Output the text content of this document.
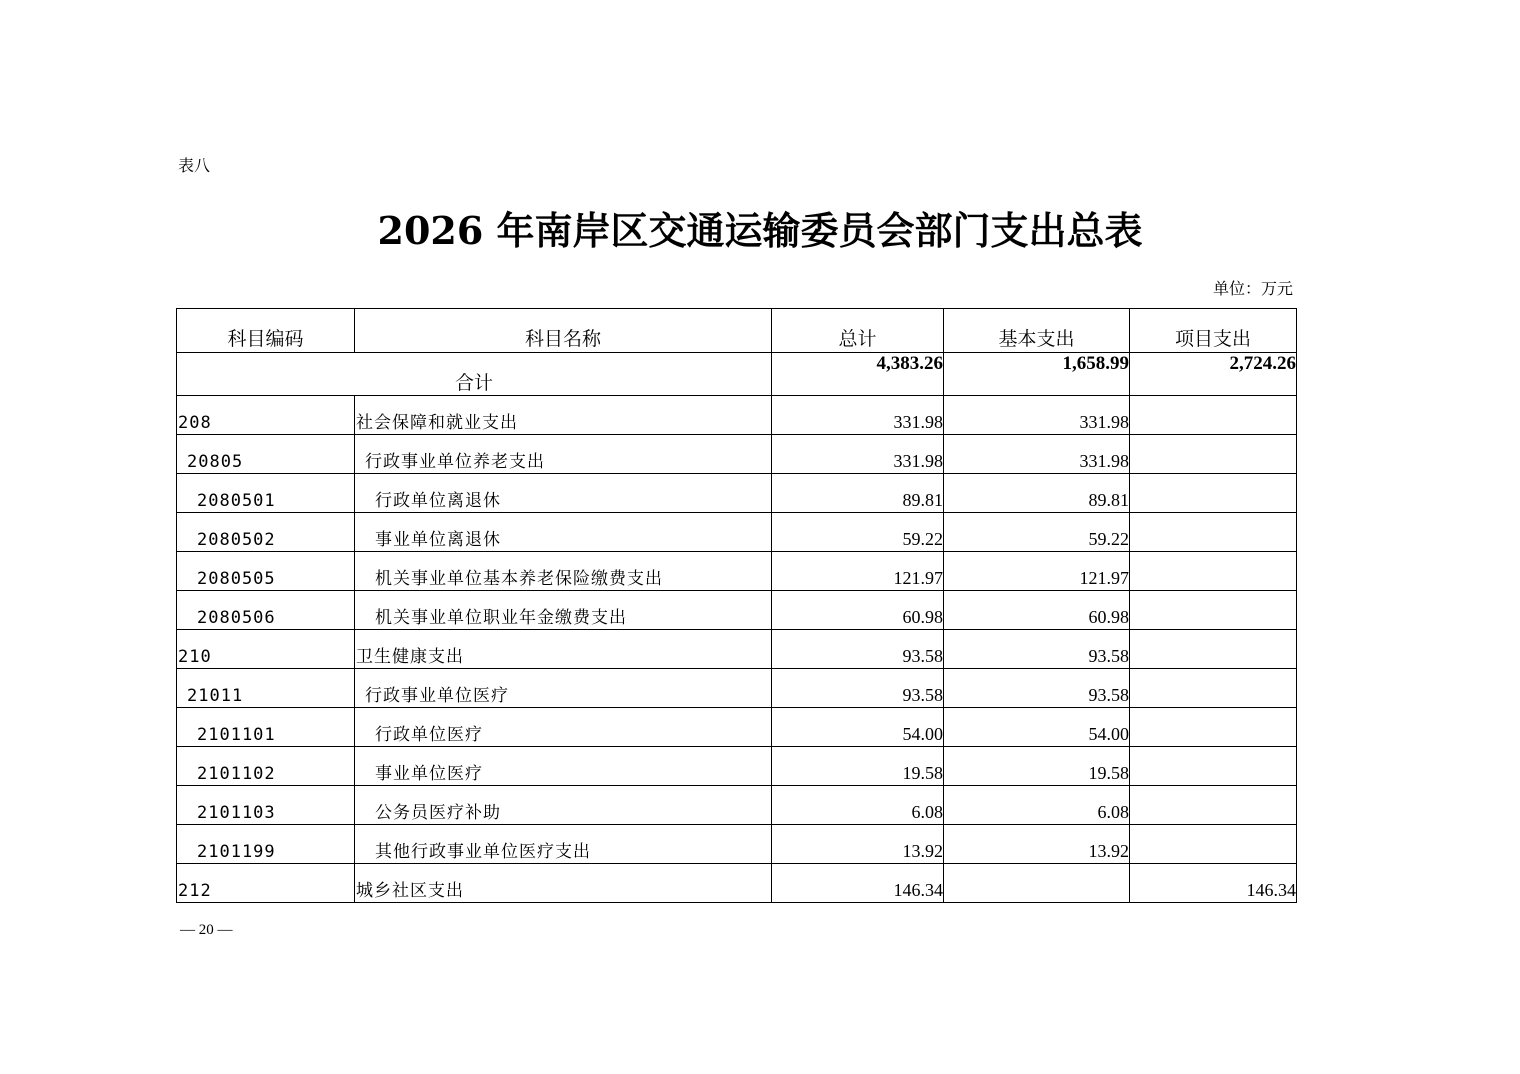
表八
2026 年南岸区交通运输委员会部门支出总表
单位：万元
科目编码	科目名称	总计	基本支出	项目支出
合计		4,383.26	1,658.99	2,724.26
208	社会保障和就业支出	331.98	331.98	
20805	行政事业单位养老支出	331.98	331.98	
2080501	行政单位离退休	89.81	89.81	
2080502	事业单位离退休	59.22	59.22	
2080505	机关事业单位基本养老保险缴费支出	121.97	121.97	
2080506	机关事业单位职业年金缴费支出	60.98	60.98	
210	卫生健康支出	93.58	93.58	
21011	行政事业单位医疗	93.58	93.58	
2101101	行政单位医疗	54.00	54.00	
2101102	事业单位医疗	19.58	19.58	
2101103	公务员医疗补助	6.08	6.08	
2101199	其他行政事业单位医疗支出	13.92	13.92	
212	城乡社区支出	146.34		146.34
— 20 —
